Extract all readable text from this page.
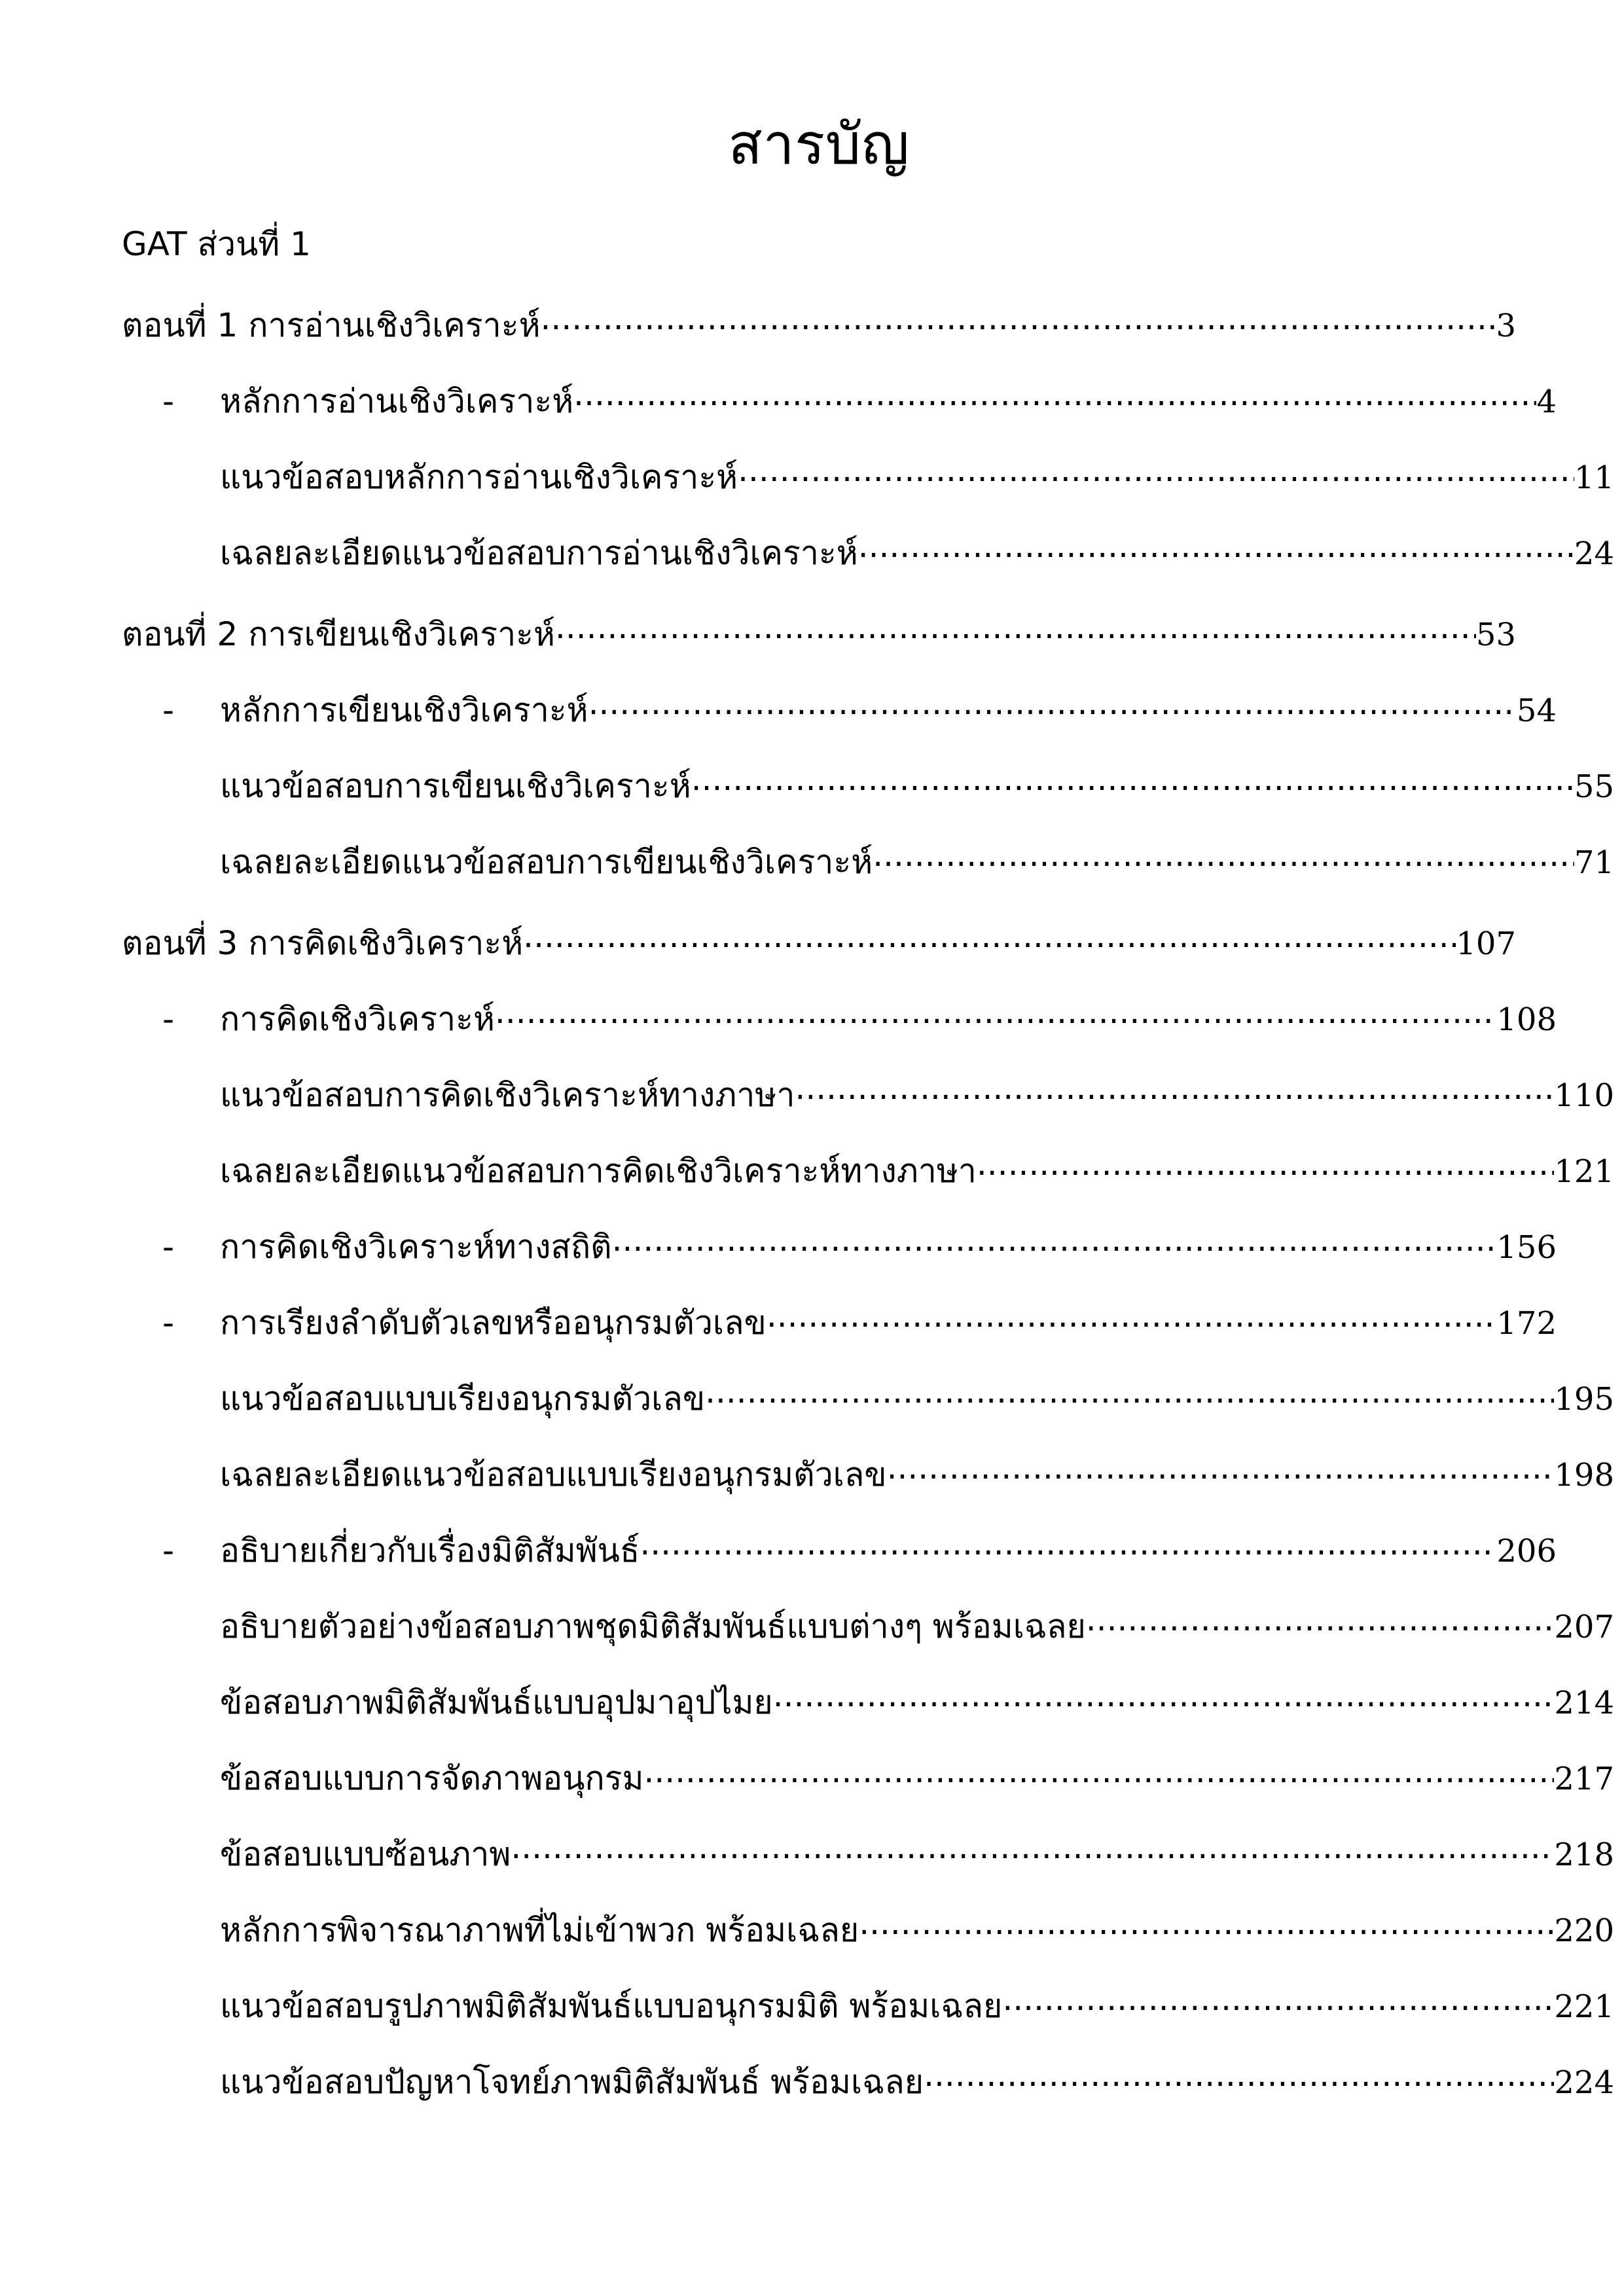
สารบัญ
GAT ส่วนที่ 1
ตอนที่ 1 การอ่านเชิงวิเคราะห์ .....	3
-	หลักการอ่านเชิงวิเคราะห์ .....	4
แนวข้อสอบหลักการอ่านเชิงวิเคราะห์ .....	11
เฉลยละเอียดแนวข้อสอบการอ่านเชิงวิเคราะห์ .....	24
ตอนที่ 2 การเขียนเชิงวิเคราะห์ .....	53
-	หลักการเขียนเชิงวิเคราะห์ .....	54
แนวข้อสอบการเขียนเชิงวิเคราะห์ .....	55
เฉลยละเอียดแนวข้อสอบการเขียนเชิงวิเคราะห์ .....	71
ตอนที่ 3 การคิดเชิงวิเคราะห์ .....	107
-	การคิดเชิงวิเคราะห์ .....	108
แนวข้อสอบการคิดเชิงวิเคราะห์ทางภาษา .....	110
เฉลยละเอียดแนวข้อสอบการคิดเชิงวิเคราะห์ทางภาษา .....	121
-	การคิดเชิงวิเคราะห์ทางสถิติ .....	156
-	การเรียงลำดับตัวเลขหรืออนุกรมตัวเลข .....	172
แนวข้อสอบแบบเรียงอนุกรมตัวเลข .....	195
เฉลยละเอียดแนวข้อสอบแบบเรียงอนุกรมตัวเลข .....	198
-	อธิบายเกี่ยวกับเรื่องมิติสัมพันธ์ .....	206
อธิบายตัวอย่างข้อสอบภาพชุดมิติสัมพันธ์แบบต่างๆ พร้อมเฉลย .....	207
ข้อสอบภาพมิติสัมพันธ์แบบอุปมาอุปไมย .....	214
ข้อสอบแบบการจัดภาพอนุกรม .....	217
ข้อสอบแบบซ้อนภาพ .....	218
หลักการพิจารณาภาพที่ไม่เข้าพวก พร้อมเฉลย .....	220
แนวข้อสอบรูปภาพมิติสัมพันธ์แบบอนุกรมมิติ พร้อมเฉลย .....	221
แนวข้อสอบปัญหาโจทย์ภาพมิติสัมพันธ์ พร้อมเฉลย .....	224
